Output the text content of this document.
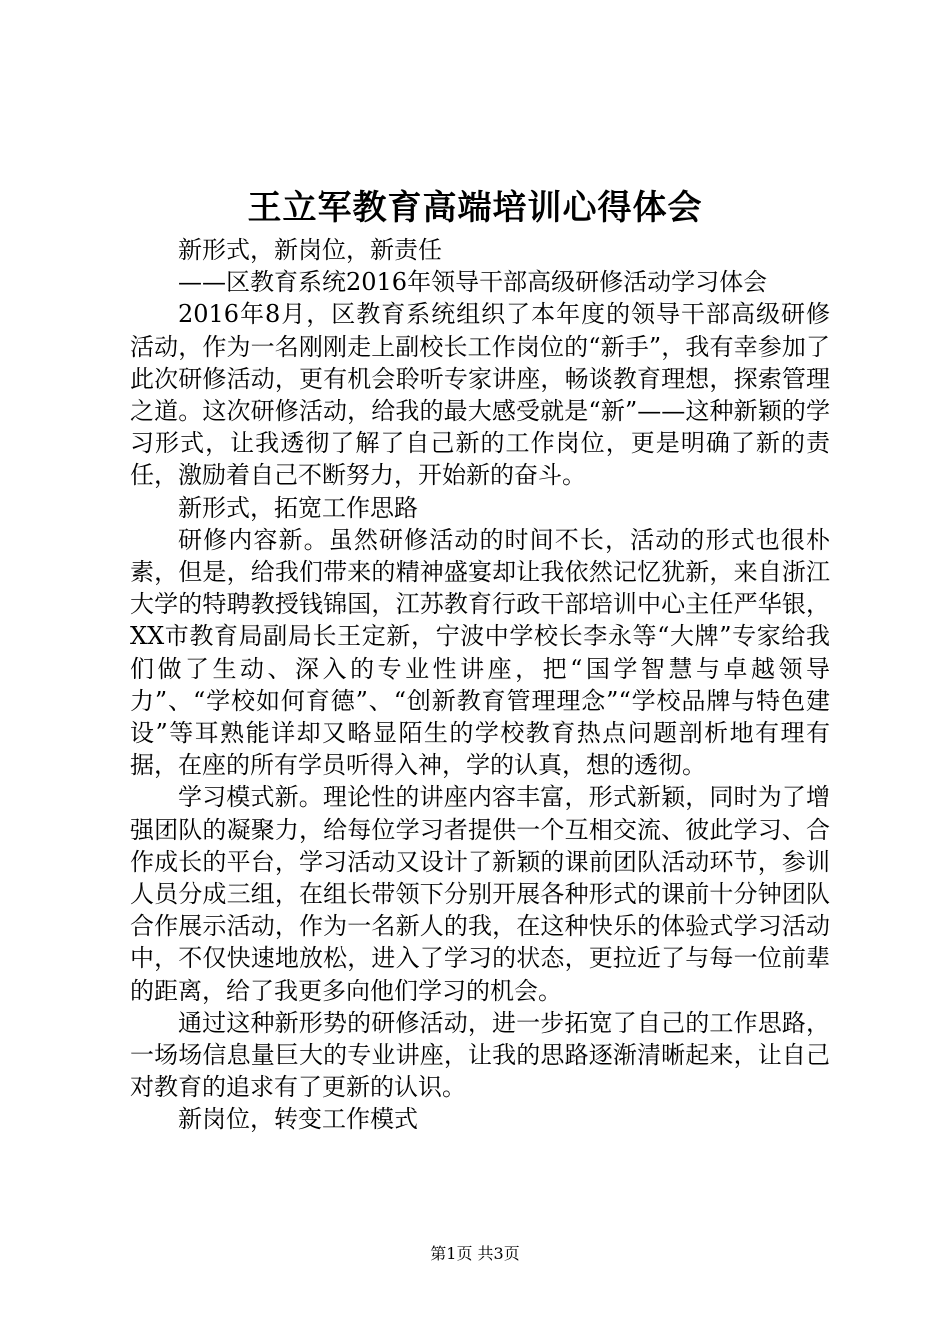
王立军教育高端培训心得体会

新形式，新岗位，新责任

——区教育系统2016年领导干部高级研修活动学习体会

2016年8月，区教育系统组织了本年度的领导干部高级研修活动，作为一名刚刚走上副校长工作岗位的“新手”，我有幸参加了此次研修活动，更有机会聆听专家讲座，畅谈教育理想，探索管理之道。这次研修活动，给我的最大感受就是“新”——这种新颖的学习形式，让我透彻了解了自己新的工作岗位，更是明确了新的责任，激励着自己不断努力，开始新的奋斗。

新形式，拓宽工作思路

研修内容新。虽然研修活动的时间不长，活动的形式也很朴素，但是，给我们带来的精神盛宴却让我依然记忆犹新，来自浙江大学的特聘教授钱锦国，江苏教育行政干部培训中心主任严华银，XX市教育局副局长王定新，宁波中学校长李永等“大牌”专家给我们做了生动、深入的专业性讲座，把“国学智慧与卓越领导力”、“学校如何育德”、“创新教育管理理念”“学校品牌与特色建设”等耳熟能详却又略显陌生的学校教育热点问题剖析地有理有据，在座的所有学员听得入神，学的认真，想的透彻。

学习模式新。理论性的讲座内容丰富，形式新颖，同时为了增强团队的凝聚力，给每位学习者提供一个互相交流、彼此学习、合作成长的平台，学习活动又设计了新颖的课前团队活动环节，参训人员分成三组，在组长带领下分别开展各种形式的课前十分钟团队合作展示活动，作为一名新人的我，在这种快乐的体验式学习活动中，不仅快速地放松，进入了学习的状态，更拉近了与每一位前辈的距离，给了我更多向他们学习的机会。

通过这种新形势的研修活动，进一步拓宽了自己的工作思路，一场场信息量巨大的专业讲座，让我的思路逐渐清晰起来，让自己对教育的追求有了更新的认识。

新岗位，转变工作模式

第1页 共3页
